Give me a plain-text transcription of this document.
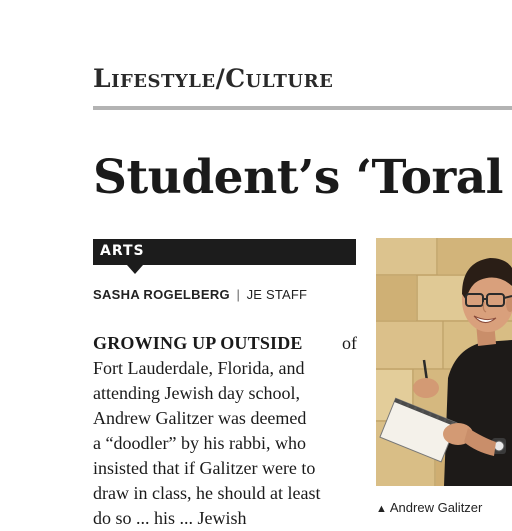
Lifestyle/Culture
Student’s ‘Toral
ARTS
SASHA ROGELBERG | JE STAFF
GROWING UP OUTSIDE of
Fort Lauderdale, Florida, and
attending Jewish day school,
Andrew Galitzer was deemed
a “doodler” by his rabbi, who
insisted that if Galitzer were to
draw in class, he should at least
do so ... his ... Jewish	▲ Andrew Galitzer
